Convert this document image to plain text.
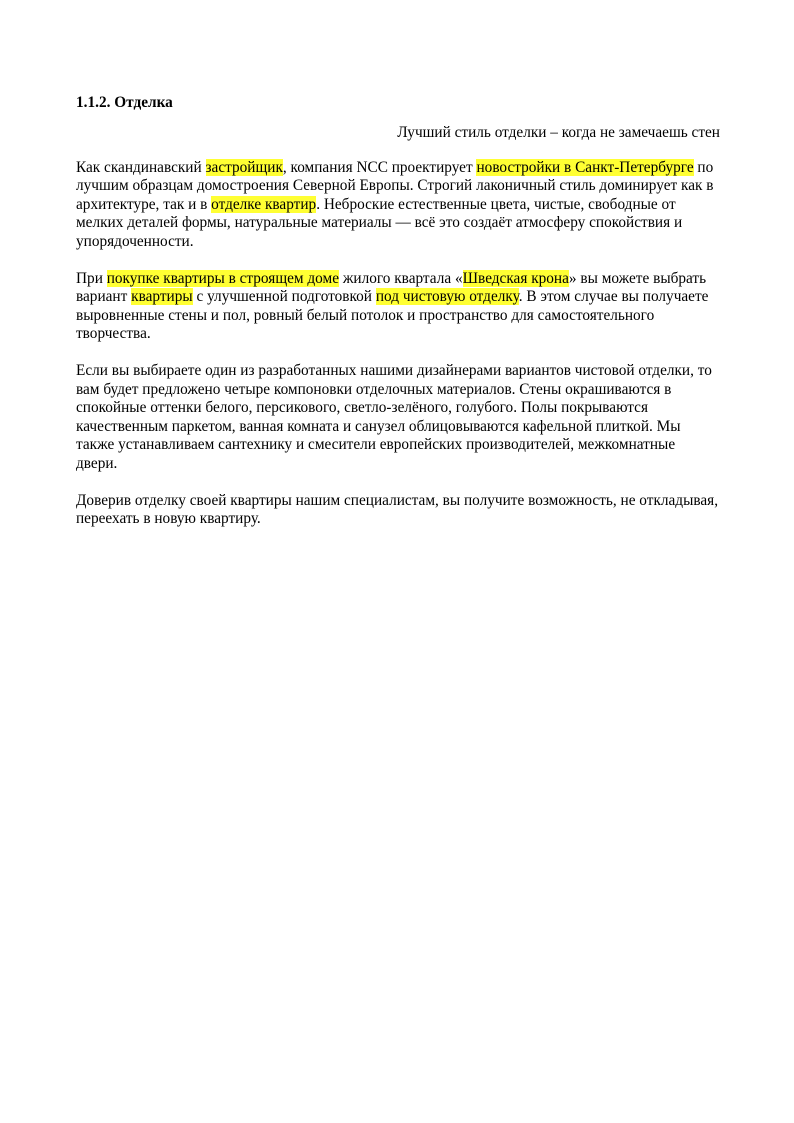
1.1.2. Отделка
Лучший стиль отделки – когда не замечаешь стен

Как скандинавский застройщик, компания NCC проектирует новостройки в Санкт-Петербурге по лучшим образцам домостроения Северной Европы. Строгий лаконичный стиль доминирует как в архитектуре, так и в отделке квартир. Неброские естественные цвета, чистые, свободные от мелких деталей формы, натуральные материалы — всё это создаёт атмосферу спокойствия и упорядоченности.

При покупке квартиры в строящем доме жилого квартала «Шведская крона» вы можете выбрать вариант квартиры с улучшенной подготовкой под чистовую отделку. В этом случае вы получаете выровненные стены и пол, ровный белый потолок и пространство для самостоятельного творчества.

Если вы выбираете один из разработанных нашими дизайнерами вариантов чистовой отделки, то вам будет предложено четыре компоновки отделочных материалов. Стены окрашиваются в спокойные оттенки белого, персикового, светло-зелёного, голубого. Полы покрываются качественным паркетом, ванная комната и санузел облицовываются кафельной плиткой. Мы также устанавливаем сантехнику и смесители европейских производителей, межкомнатные двери.

Доверив отделку своей квартиры нашим специалистам, вы получите возможность, не откладывая, переехать в новую квартиру.
